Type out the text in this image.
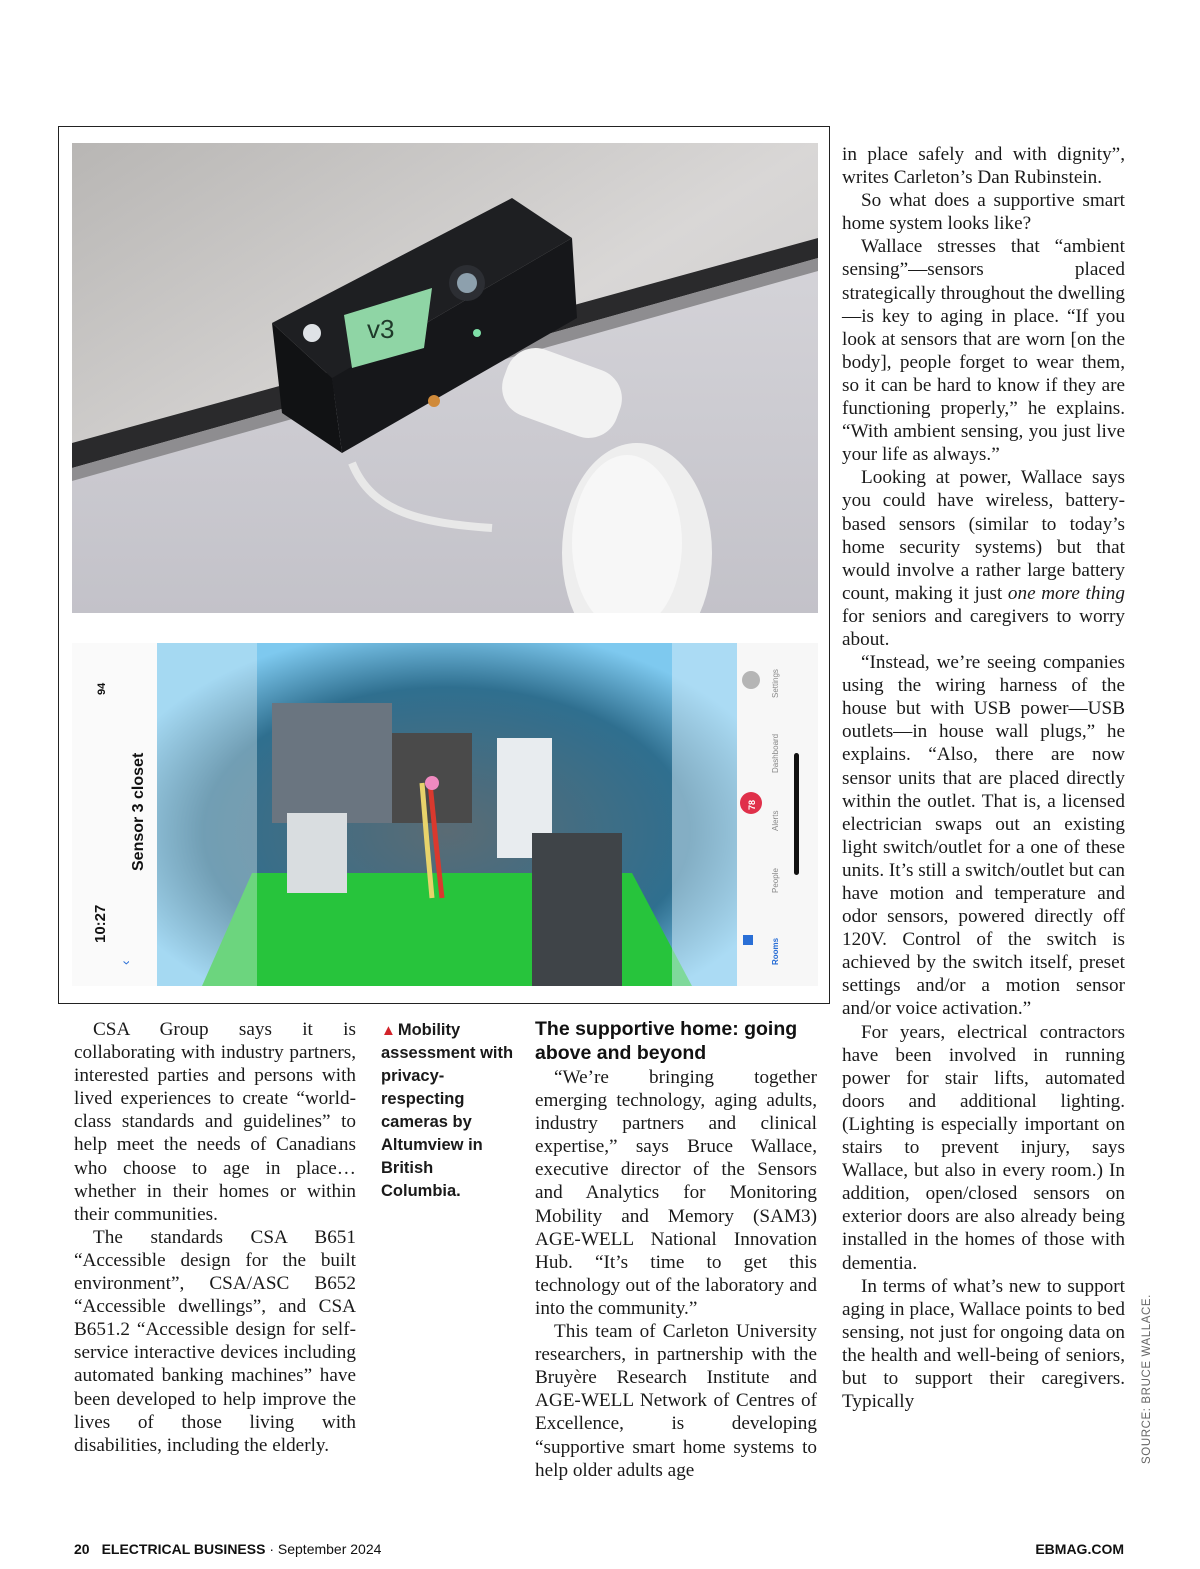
v3
10:27
Sensor 3 closet
94
‹
Settings
Dashboard
Alerts
People
Rooms
78
▲ Mobility assessment with privacy-respecting cameras by Altumview in British Columbia.

CSA Group says it is collaborating with industry partners, interested parties and persons with lived experiences to create “world-class standards and guidelines” to help meet the needs of Canadians who choose to age in place… whether in their homes or within their communities.

The standards CSA B651 “Accessible design for the built environment”, CSA/ASC B652 “Accessible dwellings”, and CSA B651.2 “Accessible design for self-service interactive devices including automated banking machines” have been developed to help improve the lives of those living with disabilities, including the elderly.

The supportive home: going above and beyond

“We’re bringing together emerging technology, aging adults, industry partners and clinical expertise,” says Bruce Wallace, executive director of the Sensors and Analytics for Monitoring Mobility and Memory (SAM3) AGE-WELL National Innovation Hub. “It’s time to get this technology out of the laboratory and into the community.”

This team of Carleton University researchers, in partnership with the Bruyère Research Institute and AGE-WELL Network of Centres of Excellence, is developing “supportive smart home systems to help older adults age

in place safely and with dignity”, writes Carleton’s Dan Rubinstein.

So what does a supportive smart home system looks like?

Wallace stresses that “ambient sensing”—sensors placed strategically throughout the dwelling—is key to aging in place. “If you look at sensors that are worn [on the body], people forget to wear them, so it can be hard to know if they are functioning properly,” he explains. “With ambient sensing, you just live your life as always.”

Looking at power, Wallace says you could have wireless, battery-based sensors (similar to today’s home security systems) but that would involve a rather large battery count, making it just one more thing for seniors and caregivers to worry about.

“Instead, we’re seeing companies using the wiring harness of the house but with USB power—USB outlets—in house wall plugs,” he explains. “Also, there are now sensor units that are placed directly within the outlet. That is, a licensed electrician swaps out an existing light switch/outlet for a one of these units. It’s still a switch/outlet but can have motion and temperature and odor sensors, powered directly off 120V. Control of the switch is achieved by the switch itself, preset settings and/or a motion sensor and/or voice activation.”

For years, electrical contractors have been involved in running power for stair lifts, automated doors and additional lighting. (Lighting is especially important on stairs to prevent injury, says Wallace, but also in every room.) In addition, open/closed sensors on exterior doors are also already being installed in the homes of those with dementia.

In terms of what’s new to support aging in place, Wallace points to bed sensing, not just for ongoing data on the health and well-being of seniors, but to support their caregivers. Typically	SOURCE: BRUCE WALLACE.
20 ELECTRICAL BUSINESS · September 2024	EBMAG.COM
